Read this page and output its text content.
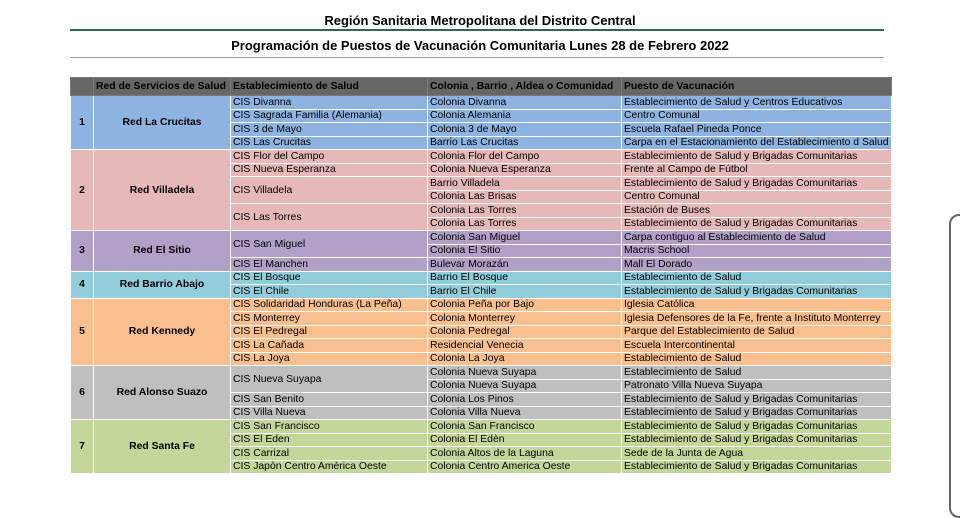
Región Sanitaria Metropolitana del Distrito Central
Programación de Puestos de Vacunación Comunitaria Lunes 28 de Febrero 2022
	Red de Servicios de Salud	Establecimiento de Salud	Colonia , Barrio , Aldea o Comunidad	Puesto de Vacunación
1	Red La Crucitas	CIS Divanna	Colonia Divanna	Establecimiento de Salud y Centros Educativos
		CIS Sagrada Familia (Alemania)	Colonia Alemania	Centro Comunal
		CIS 3 de Mayo	Colonia 3 de Mayo	Escuela Rafael Pineda Ponce
		CIS Las Crucitas	Barrio Las Crucitas	Carpa en el Estacionamiento del Establecimiento d Salud
2	Red Villadela	CIS Flor del Campo	Colonia Flor del Campo	Establecimiento de Salud y Brigadas Comunitarias
		CIS Nueva Esperanza	Colonia Nueva Esperanza	Frente al Campo de Fútbol
		CIS Villadela	Barrio Villadela	Establecimiento de Salud y Brigadas Comunitarias
			Colonia Las Brisas	Centro Comunal
		CIS Las Torres	Colonia Las Torres	Estación de Buses
			Colonia Las Torres	Establecimiento de Salud y Brigadas Comunitarias
3	Red El Sitio	CIS San Miguel	Colonia San Miguel	Carpa contiguo al Establecimiento de Salud
			Colonia El Sitio	Macris School
		CIS El Manchen	Bulevar Morazán	Mall El Dorado
4	Red Barrio Abajo	CIS El Bosque	Barrio El Bosque	Establecimiento de Salud
		CIS El Chile	Barrio El Chile	Establecimiento de Salud y Brigadas Comunitarias
5	Red Kennedy	CIS Solidaridad Honduras (La Peña)	Colonia Peña por Bajo	Iglesia Católica
		CIS Monterrey	Colonia Monterrey	Iglesia Defensores de la Fe, frente a Instituto Monterrey
		CIS El Pedregal	Colonia Pedregal	Parque del Establecimiento de Salud
		CIS La Cañada	Residencial Venecia	Escuela Intercontinental
		CIS La Joya	Colonia La Joya	Establecimiento de Salud
6	Red Alonso Suazo	CIS Nueva Suyapa	Colonia Nueva Suyapa	Establecimiento de Salud
			Colonia Nueva Suyapa	Patronato Villa Nueva Suyapa
		CIS San Benito	Colonia Los Pinos	Establecimiento de Salud y Brigadas Comunitarias
		CIS Villa Nueva	Colonia Villa Nueva	Establecimiento de Salud y Brigadas Comunitarias
7	Red Santa Fe	CIS San Francisco	Colonia San Francisco	Establecimiento de Salud y Brigadas Comunitarias
		CIS El Eden	Colonia El Edèn	Establecimiento de Salud y Brigadas Comunitarias
		CIS Carrizal	Colonia Altos de la Laguna	Sede de la Junta de Agua
		CIS Japòn Centro Amèrica Oeste	Colonia Centro America Oeste	Establecimiento de Salud y Brigadas Comunitarias
